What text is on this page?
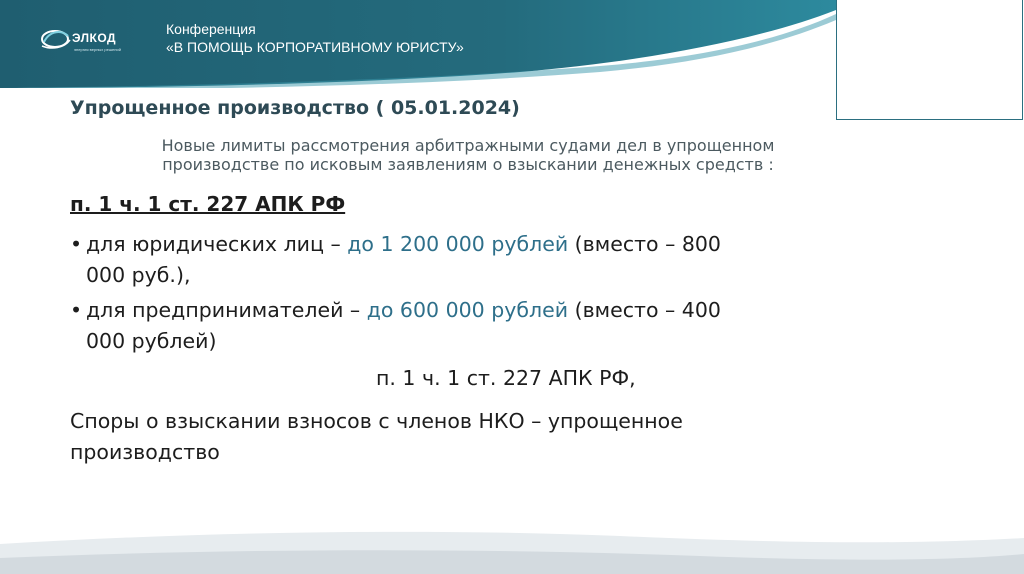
ЭЛКОД
энергия верных решений
Конференция
«В ПОМОЩЬ КОРПОРАТИВНОМУ ЮРИСТУ»
Упрощенное производство ( 05.01.2024)
Новые лимиты рассмотрения арбитражными судами дел в упрощенном
производстве по исковым заявлениям о взыскании денежных средств :
п. 1 ч. 1 ст. 227 АПК РФ
• для юридических лиц – до 1 200 000 рублей (вместо – 800
000 руб.),
• для предпринимателей – до 600 000 рублей (вместо – 400
000 рублей)
п. 1 ч. 1 ст. 227 АПК РФ,
Споры о взыскании взносов с членов НКО – упрощенное
производство
